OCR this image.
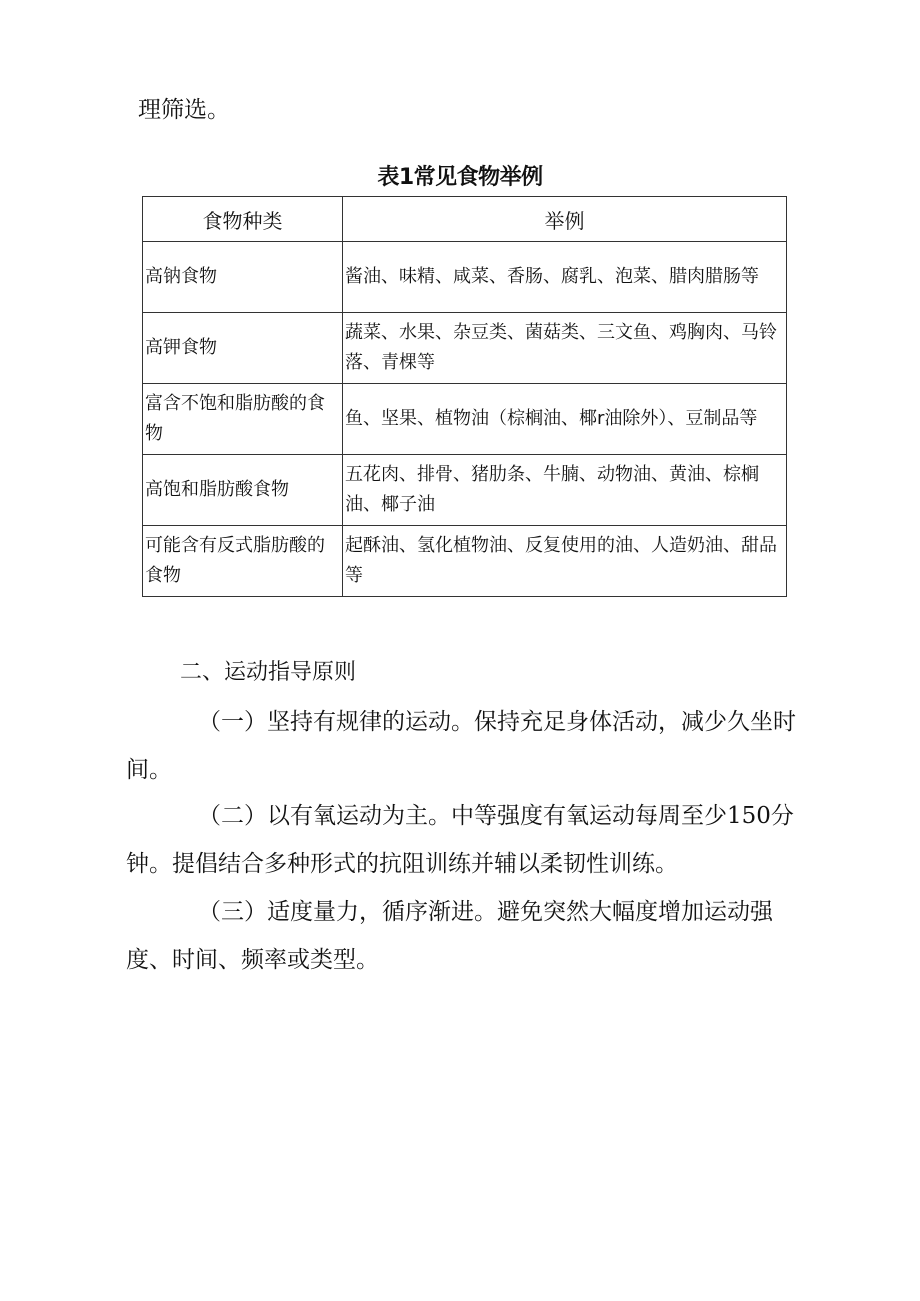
理筛选。
表1常见食物举例
食物种类	举例
高钠食物	酱油、味精、咸菜、香肠、腐乳、泡菜、腊肉腊肠等
高钾食物	蔬菜、水果、杂豆类、菌菇类、三文鱼、鸡胸肉、马铃落、青棵等
富含不饱和脂肪酸的食物	鱼、坚果、植物油（棕榈油、椰r油除外）、豆制品等
高饱和脂肪酸食物	五花肉、排骨、猪肋条、牛腩、动物油、黄油、棕榈油、椰子油
可能含有反式脂肪酸的食物	起酥油、氢化植物油、反复使用的油、人造奶油、甜品等
二、运动指导原则
（一）坚持有规律的运动。保持充足身体活动，减少久坐时间。
（二）以有氧运动为主。中等强度有氧运动每周至少150分钟。提倡结合多种形式的抗阻训练并辅以柔韧性训练。
（三）适度量力，循序渐进。避免突然大幅度增加运动强度、时间、频率或类型。
